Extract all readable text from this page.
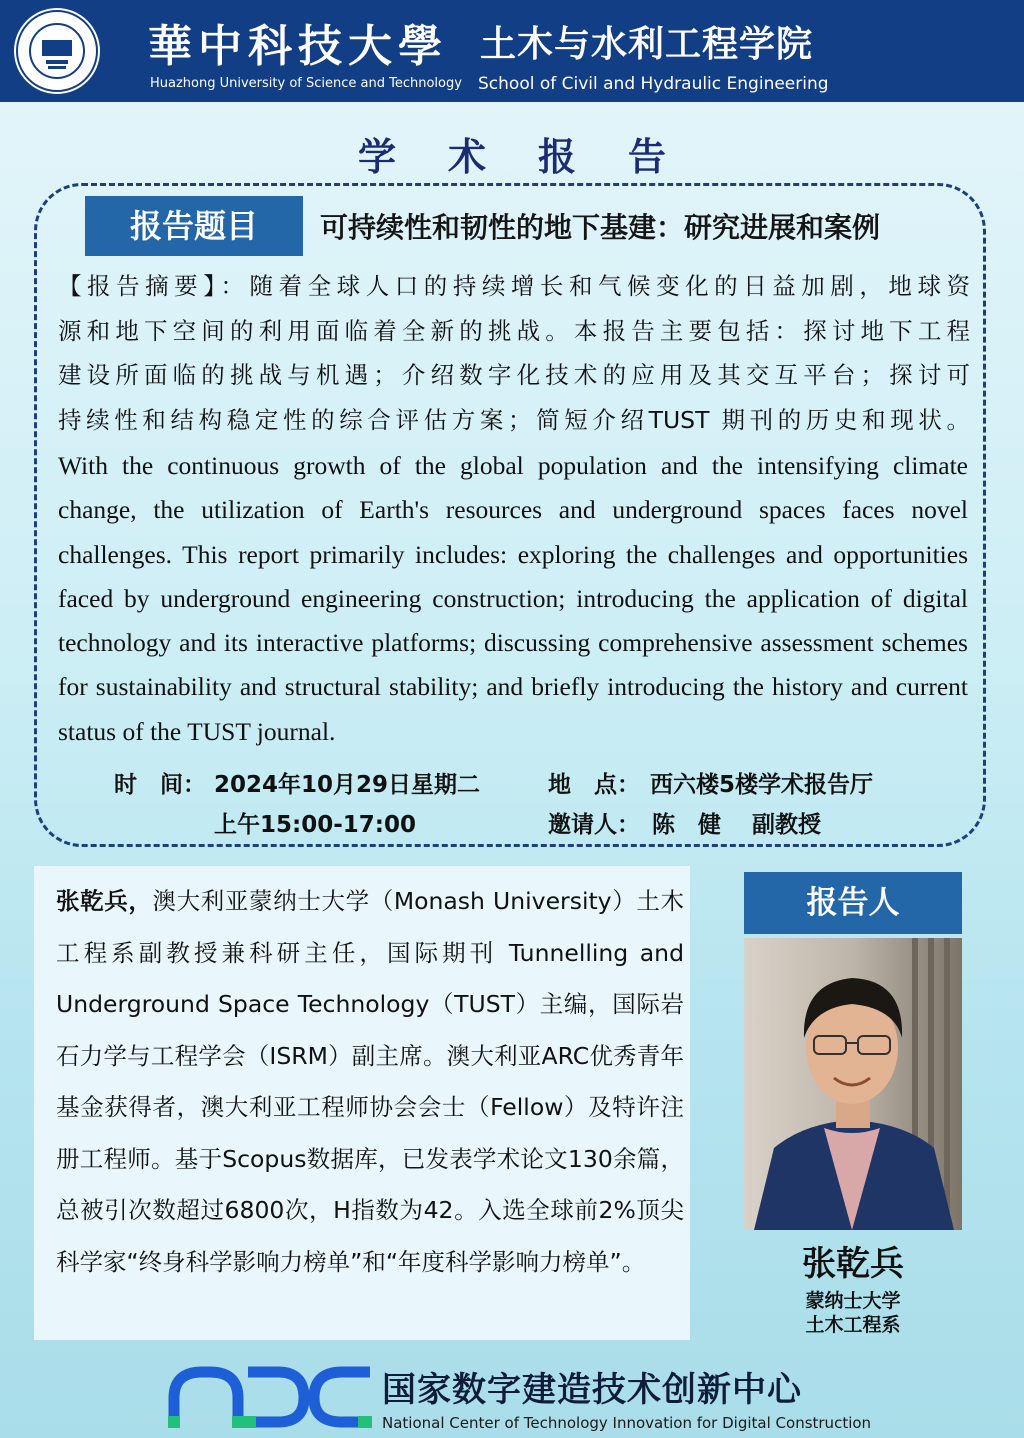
華中科技大學 土木与水利工程学院
Huazhong University of Science and Technology School of Civil and Hydraulic Engineering
学术报告
报告题目	可持续性和韧性的地下基建：研究进展和案例
【报告摘要】：随着全球人口的持续增长和气候变化的日益加剧，地球资
源和地下空间的利用面临着全新的挑战。本报告主要包括：探讨地下工程
建设所面临的挑战与机遇；介绍数字化技术的应用及其交互平台；探讨可
持续性和结构稳定性的综合评估方案；简短介绍TUST 期刊的历史和现状。
With the continuous growth of the global population and the intensifying climate change, the utilization of Earth's resources and underground spaces faces novel challenges. This report primarily includes: exploring the challenges and opportunities faced by underground engineering construction; introducing the application of digital technology and its interactive platforms; discussing comprehensive assessment schemes for sustainability and structural stability; and briefly introducing the history and current status of the TUST journal.
时　间： 2024年10月29日星期二
上午15:00-17:00
地　点： 西六楼5楼学术报告厅
邀请人： 陈　健　 副教授
张乾兵，澳大利亚蒙纳士大学（Monash University）土木工程系副教授兼科研主任，国际期刊 Tunnelling and Underground Space Technology（TUST）主编，国际岩石力学与工程学会（ISRM）副主席。澳大利亚ARC优秀青年基金获得者，澳大利亚工程师协会会士（Fellow）及特许注册工程师。基于Scopus数据库，已发表学术论文130余篇，总被引次数超过6800次，H指数为42。入选全球前2%顶尖科学家“终身科学影响力榜单”和“年度科学影响力榜单”。
报告人
张乾兵
蒙纳士大学
土木工程系
国家数字建造技术创新中心
National Center of Technology Innovation for Digital Construction
